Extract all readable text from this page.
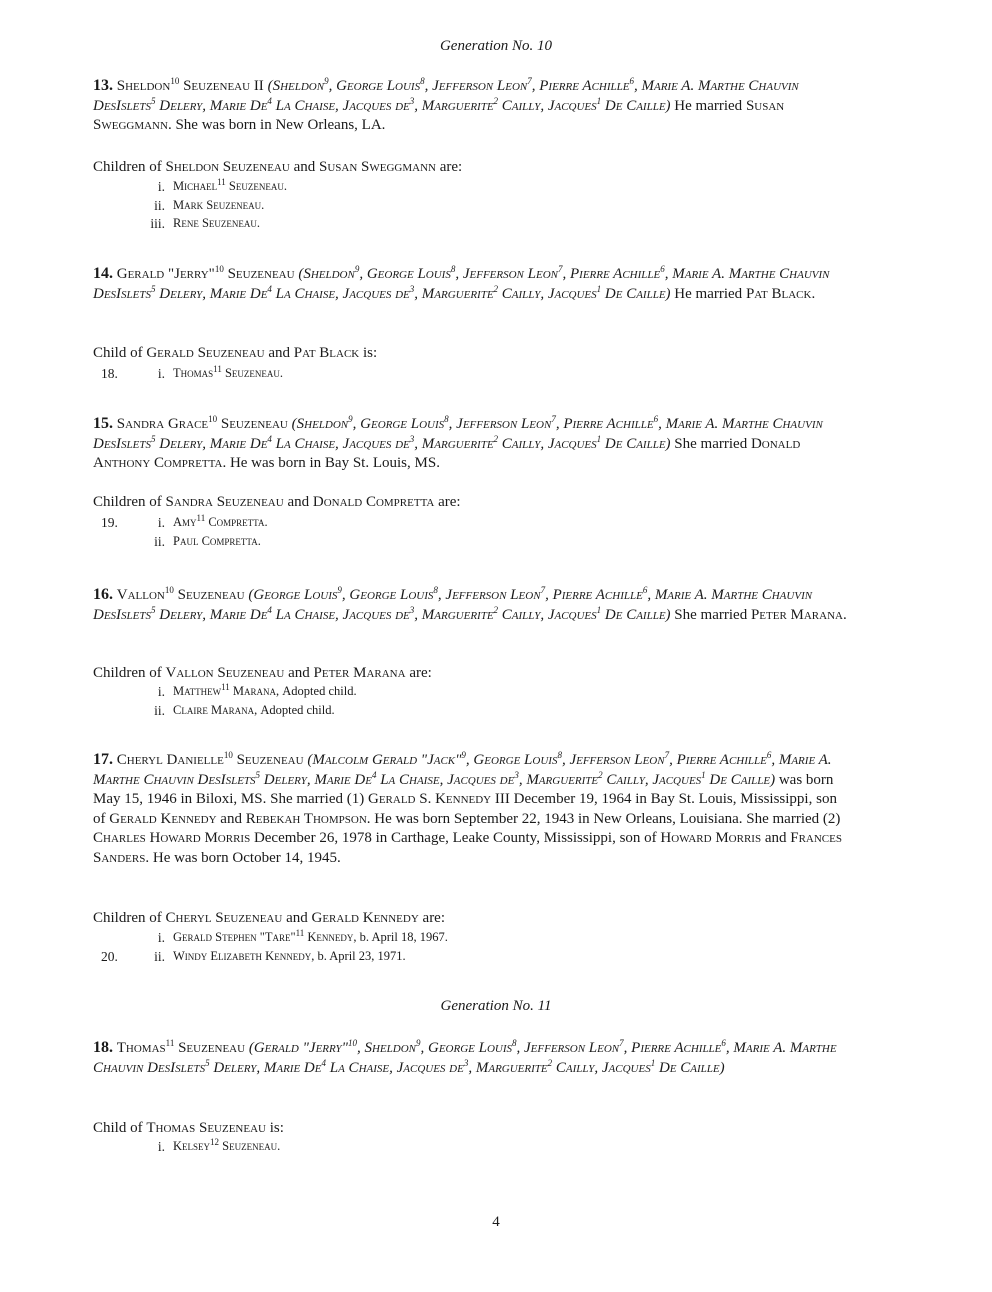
Generation No. 10
13. Sheldon$^{10}$ Seuzeneau II (Sheldon$^9$, George Louis$^8$, Jefferson Leon$^7$, Pierre Achille$^6$, Marie A. Marthe Chauvin DesIslets$^5$ Delery, Marie De$^4$ La Chaise, Jacques $de^3$, Marguerite$^2$ Cailly, Jacques$^1$ De Caille) He married Susan Sweggmann. She was born in New Orleans, LA.
Children of Sheldon Seuzeneau and Susan Sweggmann are:
14. Gerald "Jerry"$^{10}$ Seuzeneau (Sheldon$^9$, George Louis$^8$, Jefferson Leon$^7$, Pierre Achille$^6$, Marie A. Marthe Chauvin DesIslets$^5$ Delery, Marie De$^4$ La Chaise, Jacques $de^3$, Marguerite$^2$ Cailly, Jacques$^1$ De Caille) He married Pat Black.
Child of Gerald Seuzeneau and Pat Black is:
15. Sandra Grace$^{10}$ Seuzeneau (Sheldon$^9$, George Louis$^8$, Jefferson Leon$^7$, Pierre Achille$^6$, Marie A. Marthe Chauvin DesIslets$^5$ Delery, Marie De$^4$ La Chaise, Jacques $de^3$, Marguerite$^2$ Cailly, Jacques$^1$ De Caille) She married Donald Anthony Compretta. He was born in Bay St. Louis, MS.
Children of Sandra Seuzeneau and Donald Compretta are:
16. Vallon$^{10}$ Seuzeneau (George Louis$^9$, George Louis$^8$, Jefferson Leon$^7$, Pierre Achille$^6$, Marie A. Marthe Chauvin DesIslets$^5$ Delery, Marie De$^4$ La Chaise, Jacques $de^3$, Marguerite$^2$ Cailly, Jacques$^1$ De Caille) She married Peter Marana.
Children of Vallon Seuzeneau and Peter Marana are:
17. Cheryl Danielle$^{10}$ Seuzeneau (Malcolm Gerald "Jack"$^9$, George Louis$^8$, Jefferson Leon$^7$, Pierre Achille$^6$, Marie A. Marthe Chauvin DesIslets$^5$ Delery, Marie De$^4$ La Chaise, Jacques $de^3$, Marguerite$^2$ Cailly, Jacques$^1$ De Caille) was born May 15, 1946 in Biloxi, MS. She married (1) Gerald S. Kennedy III December 19, 1964 in Bay St. Louis, Mississippi, son of Gerald Kennedy and Rebekah Thompson. He was born September 22, 1943 in New Orleans, Louisiana. She married (2) Charles Howard Morris December 26, 1978 in Carthage, Leake County, Mississippi, son of Howard Morris and Frances Sanders. He was born October 14, 1945.
Children of Cheryl Seuzeneau and Gerald Kennedy are:
Generation No. 11
18. Thomas$^{11}$ Seuzeneau (Gerald "Jerry"$^{10}$, Sheldon$^9$, George Louis$^8$, Jefferson Leon$^7$, Pierre Achille$^6$, Marie A. Marthe Chauvin DesIslets$^5$ Delery, Marie De$^4$ La Chaise, Jacques $de^3$, Marguerite$^2$ Cailly, Jacques$^1$ De Caille)
Child of Thomas Seuzeneau is:
4
i. Michael$^{11}$ Seuzeneau.
ii. Mark Seuzeneau.
iii. Rene Seuzeneau.
18.	i. Thomas$^{11}$ Seuzeneau.
19.	i. Amy$^{11}$ Compretta.
ii. Paul Compretta.
i. Matthew$^{11}$ Marana, Adopted child.
ii. Claire Marana, Adopted child.
i. Gerald Stephen "Tare"$^{11}$ Kennedy, b. April 18, 1967.
20.	ii. Windy Elizabeth Kennedy, b. April 23, 1971.
i. Kelsey$^{12}$ Seuzeneau.
